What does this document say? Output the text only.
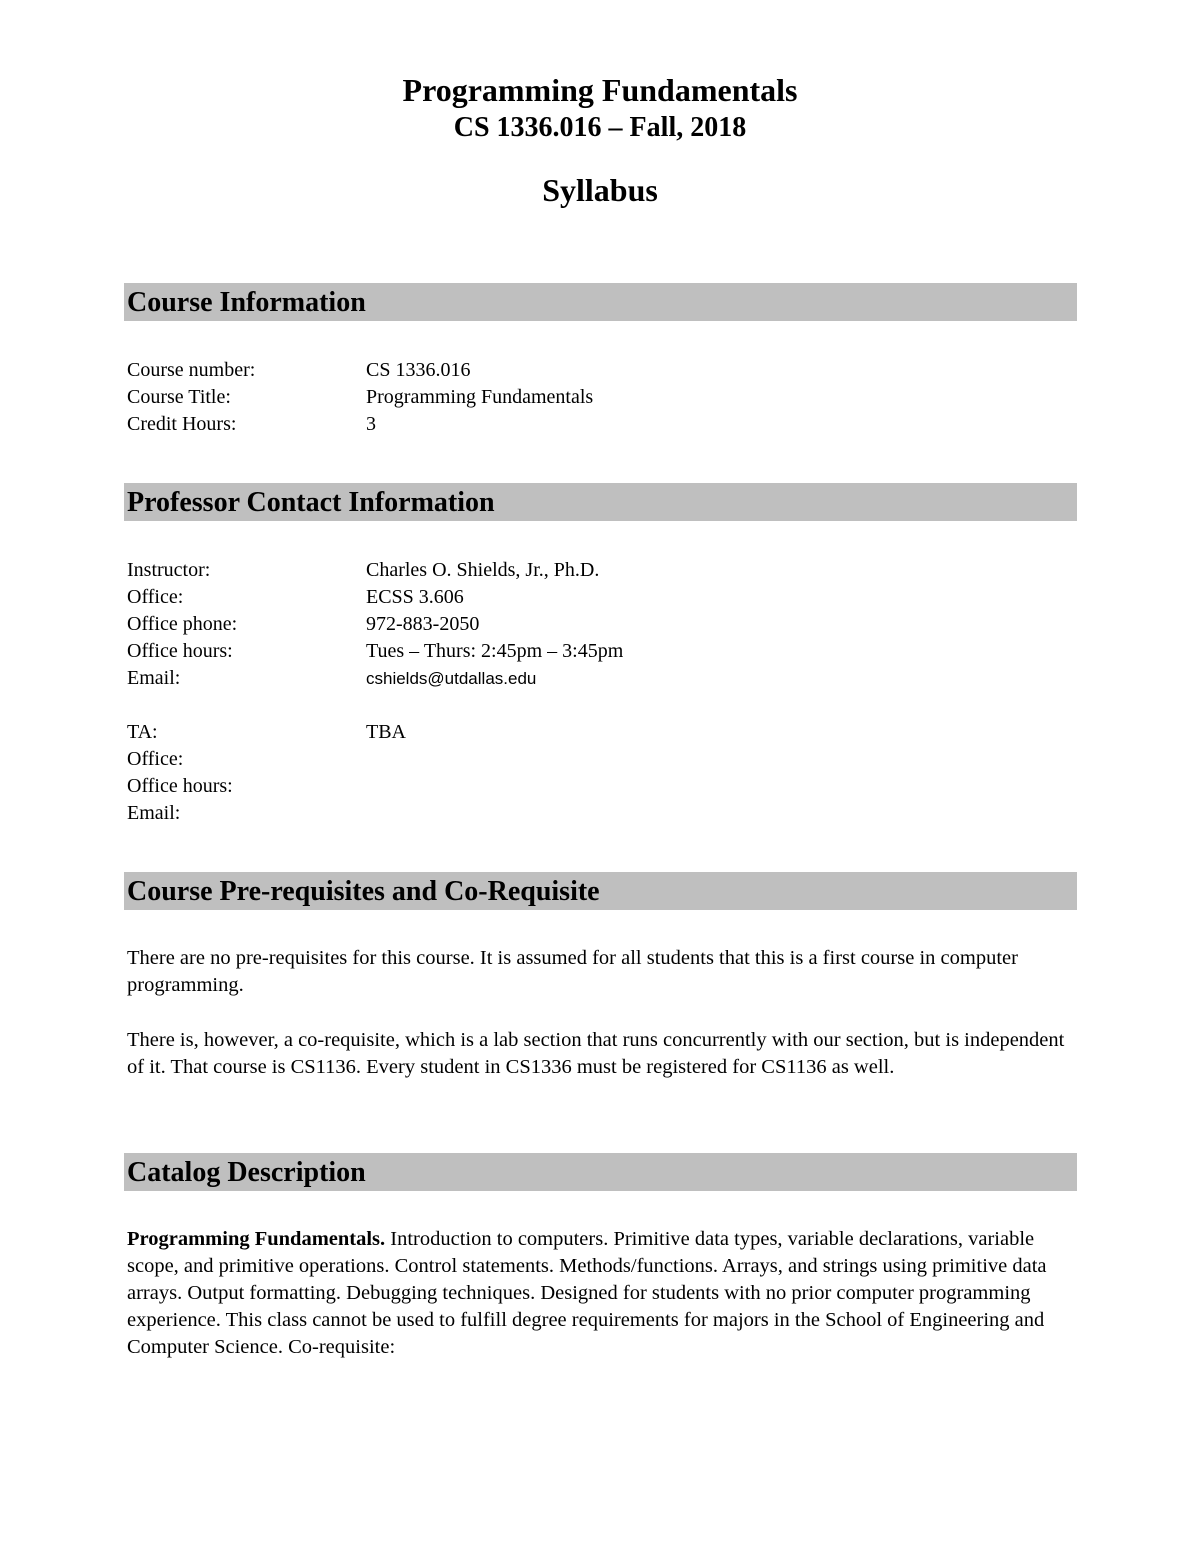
Programming Fundamentals
CS 1336.016 – Fall, 2018
Syllabus
Course Information
Course number:	CS 1336.016
Course Title:	Programming Fundamentals
Credit Hours:	3
Professor Contact Information
Instructor:	Charles O. Shields, Jr., Ph.D.
Office:	ECSS 3.606
Office phone:	972-883-2050
Office hours:	Tues – Thurs: 2:45pm – 3:45pm
Email:	cshields@utdallas.edu
TA:	TBA
Office:
Office hours:
Email:
Course Pre-requisites and Co-Requisite
There are no pre-requisites for this course. It is assumed for all students that this is a first course in computer programming.
There is, however, a co-requisite, which is a lab section that runs concurrently with our section, but is independent of it. That course is CS1136. Every student in CS1336 must be registered for CS1136 as well.
Catalog Description
Programming Fundamentals. Introduction to computers. Primitive data types, variable declarations, variable scope, and primitive operations. Control statements. Methods/functions. Arrays, and strings using primitive data arrays. Output formatting. Debugging techniques. Designed for students with no prior computer programming experience. This class cannot be used to fulfill degree requirements for majors in the School of Engineering and Computer Science. Co-requisite:
